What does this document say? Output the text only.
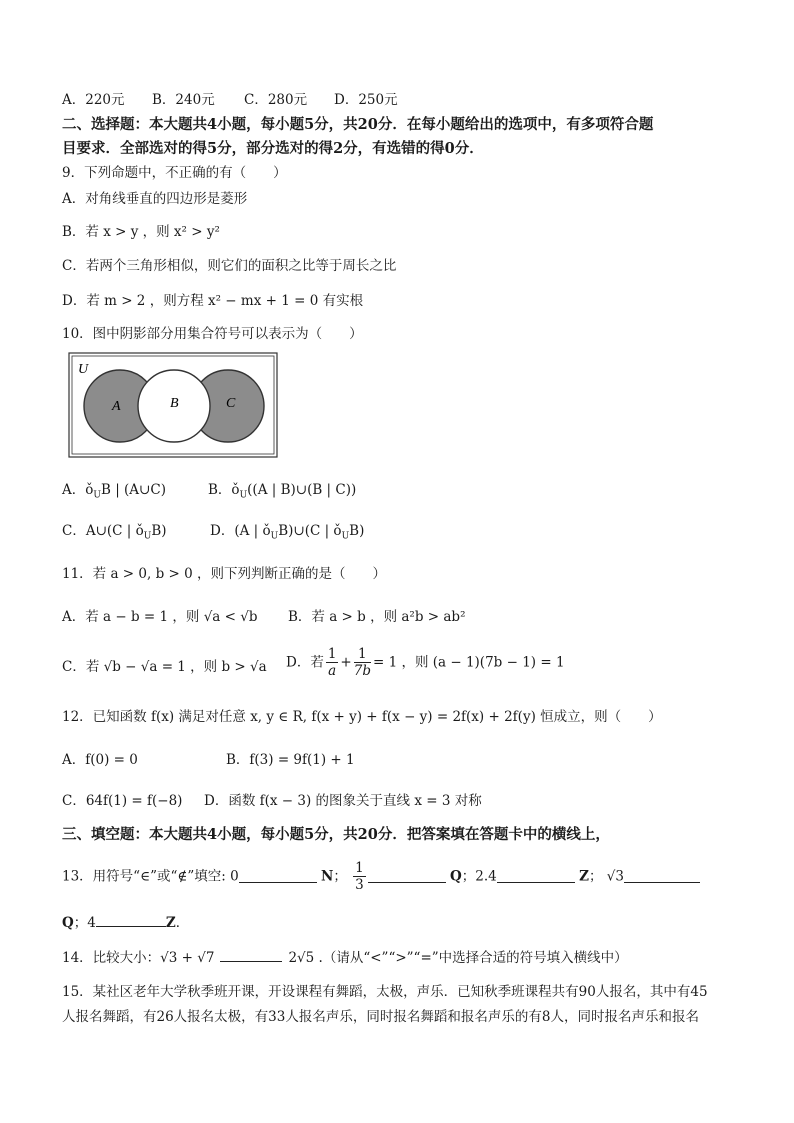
A．220元 B．240元 C．280元 D．250元
二、选择题：本大题共4小题，每小题5分，共20分．在每小题给出的选项中，有多项符合题
目要求．全部选对的得5分，部分选对的得2分，有选错的得0分．
9．下列命题中，不正确的有（　　）
A．对角线垂直的四边形是菱形
B．若 x > y ，则 x² > y²
C．若两个三角形相似，则它们的面积之比等于周长之比
D．若 m > 2 ，则方程 x² − mx + 1 = 0 有实根
10．图中阴影部分用集合符号可以表示为（　　）
U
A	B	C
A．$ǒ_UB$ | (A∪C)	B．$ǒ_U((A$ | B)∪(B | C))
C．A∪(C | $ǒ_UB$)	D．(A | $ǒ_UB)\cup(C$ | $ǒ_UB$)
11．若 a > 0, b > 0 ，则下列判断正确的是（　　）
A．若 a − b = 1 ，则 √a < √b B．若 a > b ，则 a²b > ab²
C．若 √b − √a = 1 ，则 b > √a D．若 $\frac{1}{a} + \frac{1}{7b} = 1$ ，则 (a − 1)(7b − 1) = 1
12．已知函数 f(x) 满足对任意 x, y ∈ R, f(x + y) + f(x − y) = 2f(x) + 2f(y) 恒成立，则（　　）
A．f(0) = 0	B．f(3) = 9f(1) + 1
C．64f(1) = f(−8) D．函数 f(x − 3) 的图象关于直线 x = 3 对称
三、填空题：本大题共4小题，每小题5分，共20分．把答案填在答题卡中的横线上，
13．用符号“∈”或“∉”填空: 0	N； $\frac{1}{3}$	Q；2.4	Z； √3
Q；4	Z．
14．比较大小：√3 + √7	2√5 .（请从“<”“>”“=”中选择合适的符号填入横线中）
15．某社区老年大学秋季班开课，开设课程有舞蹈，太极，声乐．已知秋季班课程共有90人报名，其中有45
人报名舞蹈，有26人报名太极，有33人报名声乐，同时报名舞蹈和报名声乐的有8人，同时报名声乐和报名
